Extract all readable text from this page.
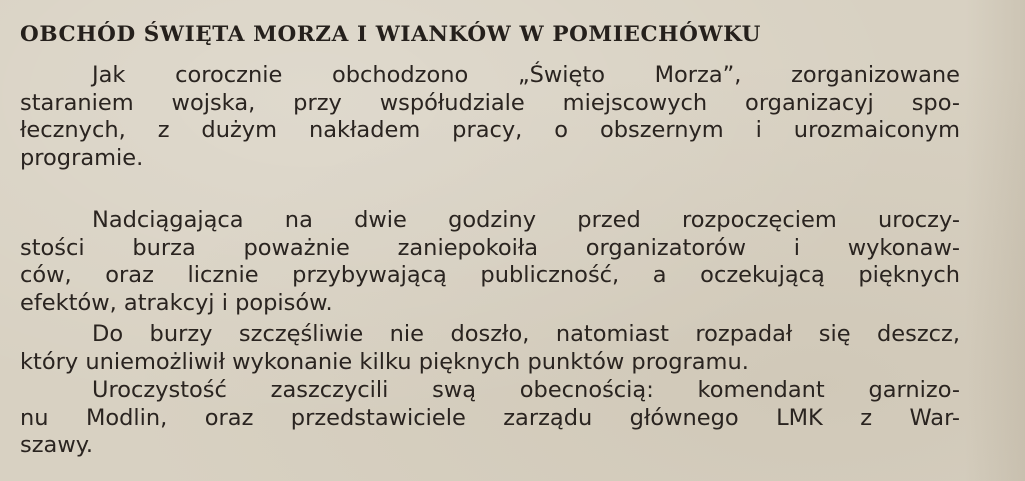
OBCHÓD ŚWIĘTA MORZA I WIANKÓW W POMIECHÓWKU

Jak corocznie obchodzono „Święto Morza”, zorganizowane
staraniem wojska, przy współudziale miejscowych organizacyj spo-
łecznych, z dużym nakładem pracy, o obszernym i urozmaiconym
programie.

Nadciągająca na dwie godziny przed rozpoczęciem uroczy-
stości burza poważnie zaniepokoiła organizatorów i wykonaw-
ców, oraz licznie przybywającą publiczność, a oczekującą pięknych
efektów, atrakcyj i popisów.

Do burzy szczęśliwie nie doszło, natomiast rozpadał się deszcz,
który uniemożliwił wykonanie kilku pięknych punktów programu.

Uroczystość zaszczycili swą obecnością: komendant garnizo-
nu Modlin, oraz przedstawiciele zarządu głównego LMK z War-
szawy.
